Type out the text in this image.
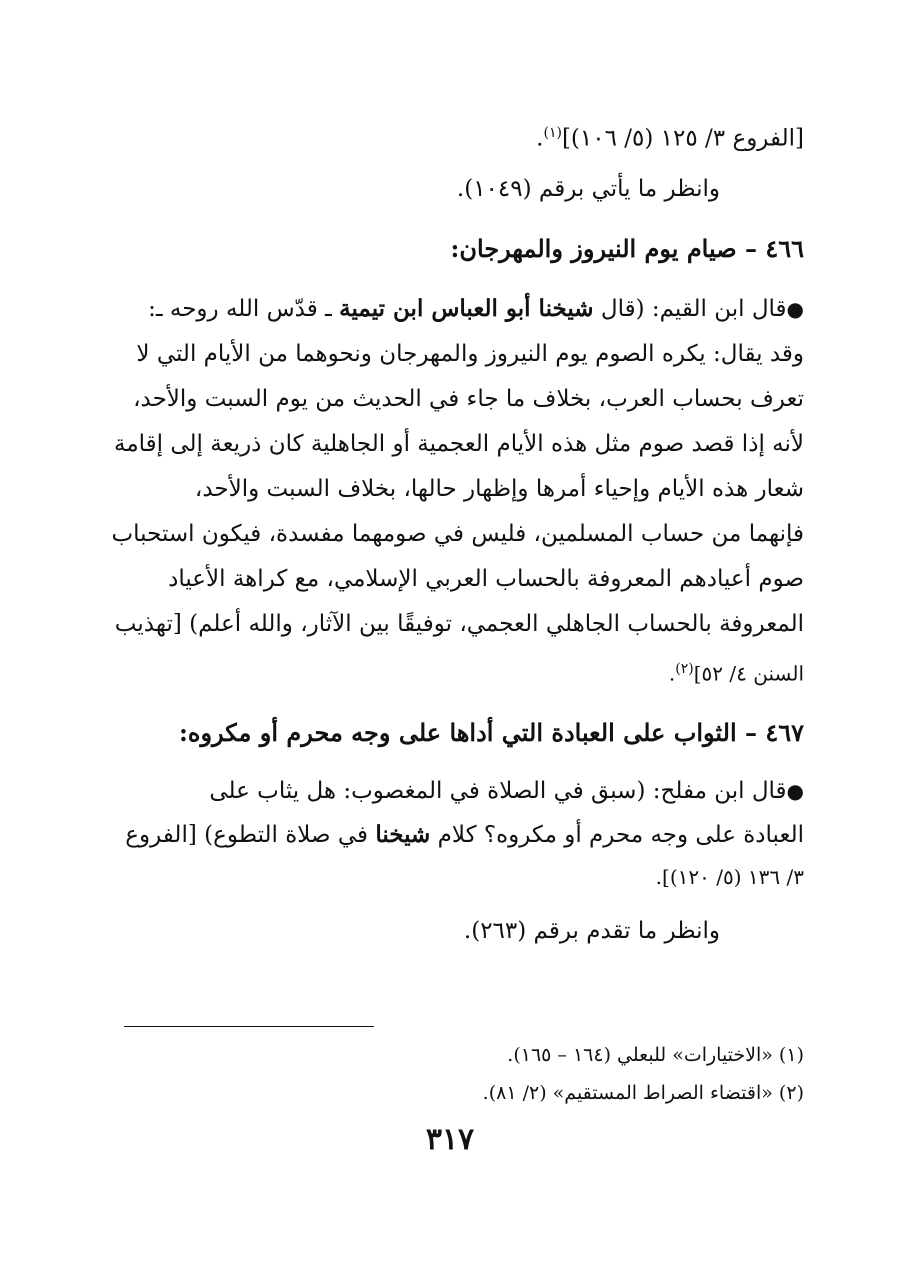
[الفروع ٣/ ١٢٥ (٥/ ١٠٦)]$^{(١)}$.
وانظر ما يأتي برقم (١٠٤٩).
٤٦٦ – صيام يوم النيروز والمهرجان:
●قال ابن القيم: (قال شيخنا أبو العباس ابن تيمية ـ قدّس الله روحه ـ:
وقد يقال: يكره الصوم يوم النيروز والمهرجان ونحوهما من الأيام التي لا
تعرف بحساب العرب، بخلاف ما جاء في الحديث من يوم السبت والأحد،
لأنه إذا قصد صوم مثل هذه الأيام العجمية أو الجاهلية كان ذريعة إلى إقامة
شعار هذه الأيام وإحياء أمرها وإظهار حالها، بخلاف السبت والأحد،
فإنهما من حساب المسلمين، فليس في صومهما مفسدة، فيكون استحباب
صوم أعيادهم المعروفة بالحساب العربي الإسلامي، مع كراهة الأعياد
المعروفة بالحساب الجاهلي العجمي، توفيقًا بين الآثار، والله أعلم) [تهذيب
السنن ٤/ ٥٢]$^{(٢)}$.
٤٦٧ – الثواب على العبادة التي أداها على وجه محرم أو مكروه:
●قال ابن مفلح: (سبق في الصلاة في المغصوب: هل يثاب على
العبادة على وجه محرم أو مكروه؟ كلام شيخنا في صلاة التطوع) [الفروع
٣/ ١٣٦ (٥/ ١٢٠)].
وانظر ما تقدم برقم (٢٦٣).
(١) «الاختيارات» للبعلي (١٦٤ – ١٦٥).
(٢) «اقتضاء الصراط المستقيم» (٢/ ٨١).
٣١٧
